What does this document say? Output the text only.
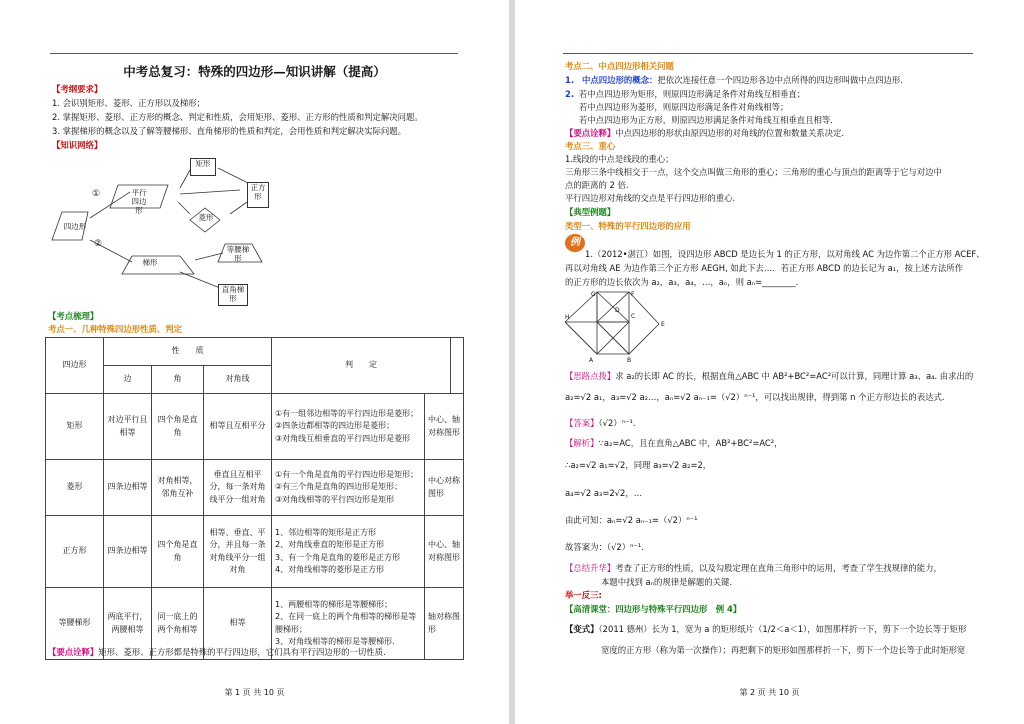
中考总复习：特殊的四边形—知识讲解（提高）
【考纲要求】
1. 会识别矩形、菱形、正方形以及梯形；
2. 掌握矩形、菱形、正方形的概念、判定和性质，会用矩形、菱形、正方形的性质和判定解决问题。
3. 掌握梯形的概念以及了解等腰梯形、直角梯形的性质和判定，会用性质和判定解决实际问题。
【知识网络】
①
②
四边形
平行四边形
矩形
菱形
正方形
梯形
等腰梯形
直角梯形
【考点梳理】
考点一、几种特殊四边形性质、判定
四边形	性　　质			判　　定		
	边	角	对角线			
矩形	对边平行且相等	四个角是直角	相等且互相平分	①有一组邻边相等的平行四边形是菱形；
②四条边都相等的四边形是菱形；
③对角线互相垂直的平行四边形是菱形	中心、轴对称图形	
菱形	四条边相等	对角相等，邻角互补	垂直且互相平分，每一条对角线平分一组对角	①有一个角是直角的平行四边形是矩形；
②有三个角是直角的四边形是矩形；
③对角线相等的平行四边形是矩形	中心对称图形	
正方形	四条边相等	四个角是直角	相等、垂直、平分，并且每一条对角线平分一组对角	1、邻边相等的矩形是正方形
2、对角线垂直的矩形是正方形
3、有一个角是直角的菱形是正方形
4、对角线相等的菱形是正方形	中心、轴对称图形	
等腰梯形	两底平行，两腰相等	同一底上的两个角相等	相等	1、两腰相等的梯形是等腰梯形；
2、在同一底上的两个角相等的梯形是等腰梯形；
3、对角线相等的梯形是等腰梯形.	轴对称图形	
【要点诠释】矩形、菱形、正方形都是特殊的平行四边形，它们具有平行四边形的一切性质.
第 1 页 共 10 页
考点二、中点四边形相关问题
1. 中点四边形的概念：把依次连接任意一个四边形各边中点所得的四边形叫做中点四边形.
2. 若中点四边形为矩形，则原四边形满足条件对角线互相垂直；
若中点四边形为菱形，则原四边形满足条件对角线相等；
若中点四边形为正方形，则原四边形满足条件对角线互相垂直且相等.
【要点诠释】中点四边形的形状由原四边形的对角线的位置和数量关系决定.
考点三、重心
1.线段的中点是线段的重心；
三角形三条中线相交于一点，这个交点叫做三角形的重心；三角形的重心与顶点的距离等于它与对边中
点的距离的 2 倍.
平行四边形对角线的交点是平行四边形的重心.
【典型例题】
类型一、特殊的平行四边形的应用
例
1.（2012•湛江）如图，设四边形 ABCD 是边长为 1 的正方形，以对角线 AC 为边作第二个正方形 ACEF、
再以对角线 AE 为边作第三个正方形 AEGH, 如此下去…．若正方形 ABCD 的边长记为 a₁，按上述方法所作
的正方形的边长依次为 a₂，a₃，a₄，…，aₙ，则 aₙ=________.
G	F
H
E
D
C
A	B
【思路点拨】求 a₂的长即 AC 的长，根据直角△ABC 中 AB²+BC²=AC²可以计算，同理计算 a₃、a₄. 由求出的
a₂=√2 a₁，a₃=√2 a₂…，aₙ=√2 aₙ₋₁=（√2）ⁿ⁻¹，可以找出规律，得到第 n 个正方形边长的表达式.
【答案】（√2）ⁿ⁻¹.
【解析】∵a₂=AC，且在直角△ABC 中，AB²+BC²=AC²，
∴a₂=√2 a₁=√2，同理 a₃=√2 a₂=2，
a₄=√2 a₃=2√2，…
由此可知：aₙ=√2 aₙ₋₁=（√2）ⁿ⁻¹
故答案为：（√2）ⁿ⁻¹.
【总结升华】考查了正方形的性质，以及勾股定理在直角三角形中的运用，考查了学生找规律的能力，
本题中找到 aₙ的规律是解题的关键.
举一反三:
【高清课堂：四边形与特殊平行四边形　例 4】
【变式】（2011 德州）长为 1，宽为 a 的矩形纸片（1/2＜a＜1），如图那样折一下，剪下一个边长等于矩形
宽度的正方形（称为第一次操作）；再把剩下的矩形如图那样折一下，剪下一个边长等于此时矩形宽
第 2 页 共 10 页
